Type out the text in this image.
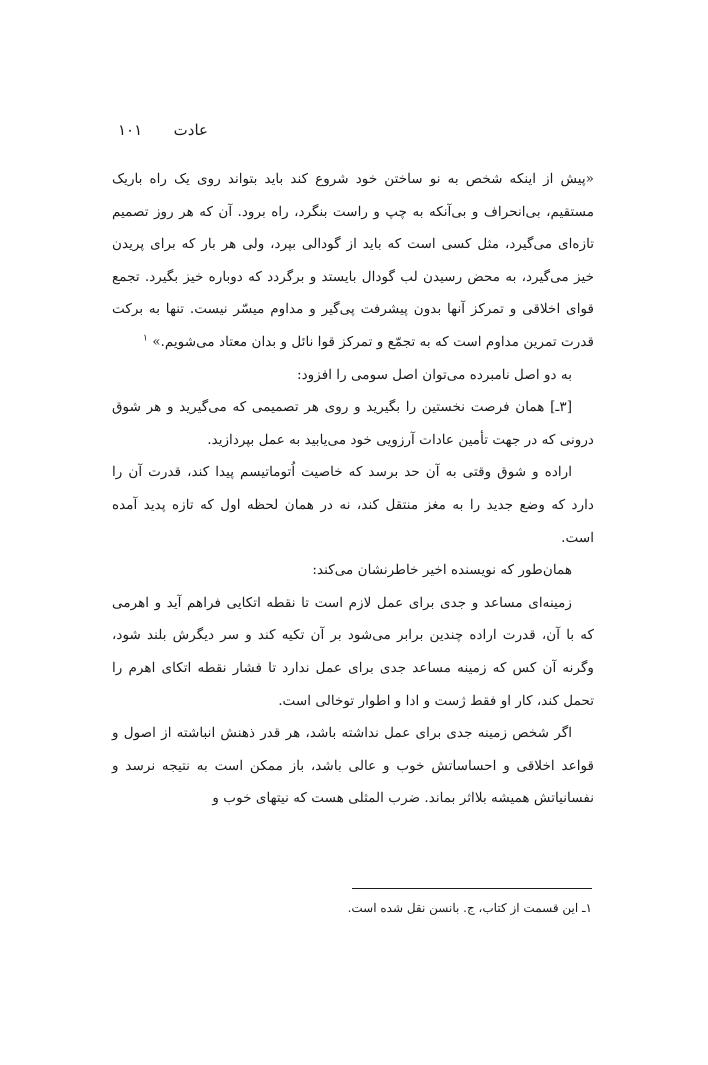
عادت
۱۰۱

«پیش از اینکه شخص به نو ساختن خود شروع کند باید بتواند روی یک راه باریک مستقیم، بی‌انحراف و بی‌آنکه به چپ و راست بنگرد، راه برود. آن که هر روز تصمیم تازه‌ای می‌گیرد، مثل کسی است که باید از گودالی بپرد، ولی هر بار که برای پریدن خیز می‌گیرد، به محض رسیدن لب گودال بایستد و برگردد که دوباره خیز بگیرد. تجمع قوای اخلاقی و تمرکز آنها بدون پیشرفت پی‌گیر و مداوم میسّر نیست. تنها به برکت قدرت تمرین مداوم است که به تجمّع و تمرکز قوا نائل و بدان معتاد می‌شویم.» $^۱$

به دو اصل نامبرده می‌توان اصل سومی را افزود:

[۳ـ] همان فرصت نخستین را بگیرید و روی هر تصمیمی که می‌گیرید و هر شوق درونی که در جهت تأمین عادات آرزویی خود می‌یابید به عمل بپردازید.

اراده و شوق وقتی به آن حد برسد که خاصیت اُتوماتیسم پیدا کند، قدرت آن را دارد که وضع جدید را به مغز منتقل کند، نه در همان لحظه اول که تازه پدید آمده است.

همان‌طور که نویسنده اخیر خاطرنشان می‌کند:

زمینه‌ای مساعد و جدی برای عمل لازم است تا نقطه اتکایی فراهم آید و اهرمی که با آن، قدرت اراده چندین برابر می‌شود بر آن تکیه کند و سر دیگرش بلند شود، وگرنه آن کس که زمینه مساعد جدی برای عمل ندارد تا فشار نقطه اتکای اهرم را تحمل کند، کار او فقط ژست و ادا و اطوار توخالی است.

اگر شخص زمینه جدی برای عمل نداشته باشد، هر قدر ذهنش انباشته از اصول و قواعد اخلاقی و احساساتش خوب و عالی باشد، باز ممکن است به نتیجه نرسد و نفسانیاتش همیشه بلااثر بماند. ضرب المثلی هست که نیتهای خوب و

۱ـ این قسمت از کتاب، ج. بانسن نقل شده است.
